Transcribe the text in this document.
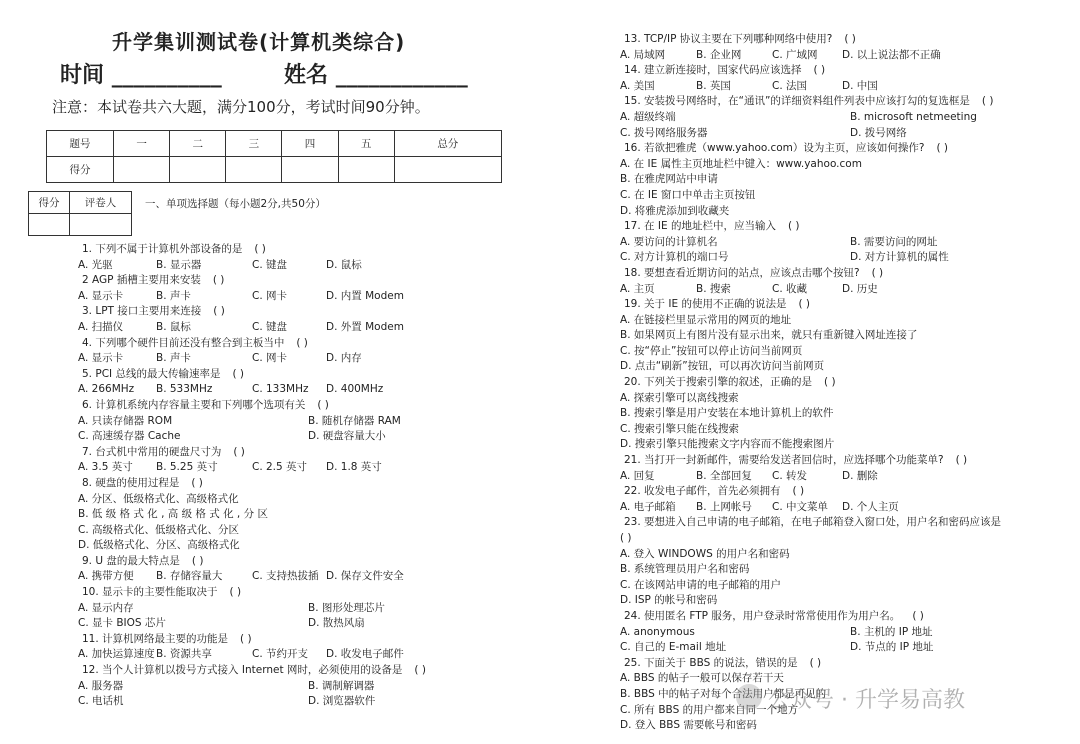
升学集训测试卷(计算机类综合)
时间 __________	姓名 ____________
注意：本试卷共六大题，满分100分，考试时间90分钟。
题号	一	二	三	四	五	总分
得分						
得分	评卷人
		一、单项选择题（每小题2分,共50分）
1. 下列不属于计算机外部设备的是 ( )
A. 光驱	B. 显示器	C. 键盘	D. 鼠标
2 AGP 插槽主要用来安装 ( )
A. 显示卡	B. 声卡	C. 网卡	D. 内置 Modem
3. LPT 接口主要用来连接 ( )
A. 扫描仪	B. 鼠标	C. 键盘	D. 外置 Modem
4. 下列哪个硬件目前还没有整合到主板当中 ( )
A. 显示卡	B. 声卡	C. 网卡	D. 内存
5. PCI 总线的最大传输速率是 ( )
A. 266MHz B. 533MHz	C. 133MHz D. 400MHz
6. 计算机系统内存容量主要和下列哪个选项有关 ( )
A. 只读存储器 ROM	B. 随机存储器 RAM
C. 高速缓存器 Cache	D. 硬盘容量大小
7. 台式机中常用的硬盘尺寸为 ( )
A. 3.5 英寸 B. 5.25 英寸	C. 2.5 英寸 D. 1.8 英寸
8. 硬盘的使用过程是 ( )
A. 分区、低级格式化、高级格式化
B. 低 级 格 式 化 , 高 级 格 式 化 , 分 区
C. 高级格式化、低级格式化、分区
D. 低级格式化、分区、高级格式化
9. U 盘的最大特点是 ( )
A. 携带方便 B. 存储容量大	C. 支持热拔插 D. 保存文件安全
10. 显示卡的主要性能取决于 ( )
A. 显示内存	B. 图形处理芯片
C. 显卡 BIOS 芯片	D. 散热风扇
11. 计算机网络最主要的功能是 ( )
A. 加快运算速度 B. 资源共享	C. 节约开支 D. 收发电子邮件
12. 当个人计算机以拨号方式接入 Internet 网时，必须使用的设备是 ( )
A. 服务器	B. 调制解调器
C. 电话机	D. 浏览器软件
13. TCP/IP 协议主要在下列哪种网络中使用? ( )
A. 局域网	B. 企业网	C. 广域网 D. 以上说法都不正确
14. 建立新连接时，国家代码应该选择 ( )
A. 美国	B. 英国	C. 法国	D. 中国
15. 安装拨号网络时，在“通讯”的详细资料组件列表中应该打勾的复选框是 ( )
A. 超级终端	B. microsoft netmeeting
C. 拨号网络服务器	D. 拨号网络
16. 若欲把雅虎（www.yahoo.com）设为主页，应该如何操作? ( )
A. 在 IE 属性主页地址栏中键入：www.yahoo.com
B. 在雅虎网站中申请
C. 在 IE 窗口中单击主页按钮
D. 将雅虎添加到收藏夹
17. 在 IE 的地址栏中，应当输入 ( )
A. 要访问的计算机名	B. 需要访问的网址
C. 对方计算机的端口号	D. 对方计算机的属性
18. 要想查看近期访问的站点，应该点击哪个按钮? ( )
A. 主页	B. 搜索	C. 收藏	D. 历史
19. 关于 IE 的使用不正确的说法是 ( )
A. 在链接栏里显示常用的网页的地址
B. 如果网页上有图片没有显示出来，就只有重新键入网址连接了
C. 按“停止”按钮可以停止访问当前网页
D. 点击“刷新”按钮，可以再次访问当前网页
20. 下列关于搜索引擎的叙述，正确的是 ( )
A. 探索引擎可以离线搜索
B. 搜索引擎是用户安装在本地计算机上的软件
C. 搜索引擎只能在线搜索
D. 搜索引擎只能搜索文字内容而不能搜索图片
21. 当打开一封新邮件，需要给发送者回信时，应选择哪个功能菜单? ( )
A. 回复	B. 全部回复 C. 转发	D. 删除
22. 收发电子邮件，首先必须拥有 ( )
A. 电子邮箱 B. 上网帐号 C. 中文菜单 D. 个人主页
23. 要想进入自己申请的电子邮箱，在电子邮箱登入窗口处，用户名和密码应该是
( )
A. 登入 WINDOWS 的用户名和密码
B. 系统管理员用户名和密码
C. 在该网站申请的电子邮箱的用户
D. ISP 的帐号和密码
24. 使用匿名 FTP 服务，用户登录时常常使用作为用户名。 ( )
A. anonymous	B. 主机的 IP 地址
C. 自己的 E-mail 地址	D. 节点的 IP 地址
25. 下面关于 BBS 的说法，错误的是 ( )
A. BBS 的帖子一般可以保存若干天
B. BBS 中的帖子对每个合法用户都是可见的
C. 所有 BBS 的用户都来自同一个地方
D. 登入 BBS 需要帐号和密码
公众号 · 升学易高教
